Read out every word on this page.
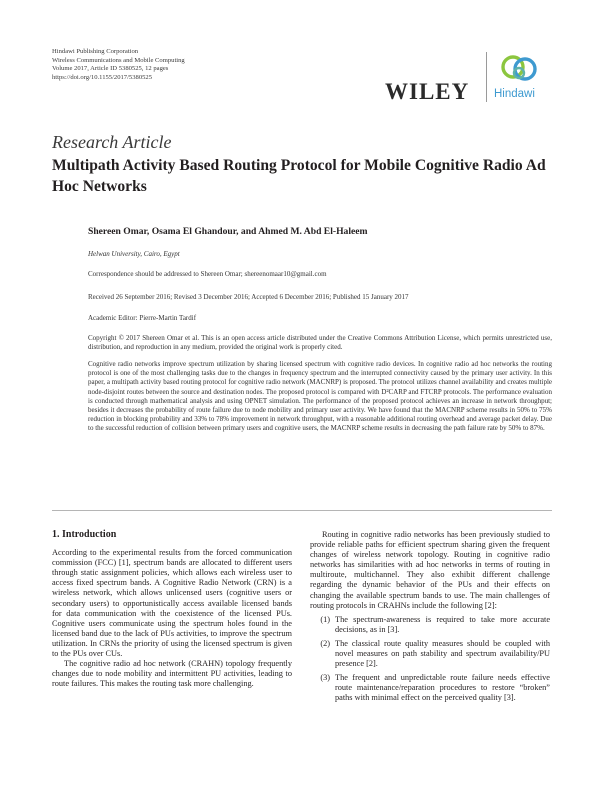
Hindawi Publishing Corporation
Wireless Communications and Mobile Computing
Volume 2017, Article ID 5380525, 12 pages
https://doi.org/10.1155/2017/5380525
WILEY Hindawi
Research Article
Multipath Activity Based Routing Protocol for Mobile Cognitive Radio Ad Hoc Networks
Shereen Omar, Osama El Ghandour, and Ahmed M. Abd El-Haleem
Helwan University, Cairo, Egypt
Correspondence should be addressed to Shereen Omar; shereenomaar10@gmail.com
Received 26 September 2016; Revised 3 December 2016; Accepted 6 December 2016; Published 15 January 2017
Academic Editor: Pierre-Martin Tardif
Copyright © 2017 Shereen Omar et al. This is an open access article distributed under the Creative Commons Attribution License, which permits unrestricted use, distribution, and reproduction in any medium, provided the original work is properly cited.
Cognitive radio networks improve spectrum utilization by sharing licensed spectrum with cognitive radio devices. In cognitive radio ad hoc networks the routing protocol is one of the most challenging tasks due to the changes in frequency spectrum and the interrupted connectivity caused by the primary user activity. In this paper, a multipath activity based routing protocol for cognitive radio network (MACNRP) is proposed. The protocol utilizes channel availability and creates multiple node-disjoint routes between the source and destination nodes. The proposed protocol is compared with D²CARP and FTCRP protocols. The performance evaluation is conducted through mathematical analysis and using OPNET simulation. The performance of the proposed protocol achieves an increase in network throughput; besides it decreases the probability of route failure due to node mobility and primary user activity. We have found that the MACNRP scheme results in 50% to 75% reduction in blocking probability and 33% to 78% improvement in network throughput, with a reasonable additional routing overhead and average packet delay. Due to the successful reduction of collision between primary users and cognitive users, the MACNRP scheme results in decreasing the path failure rate by 50% to 87%.
1. Introduction

According to the experimental results from the forced communication commission (FCC) [1], spectrum bands are allocated to different users through static assignment policies, which allows each wireless user to access fixed spectrum bands. A Cognitive Radio Network (CRN) is a wireless network, which allows unlicensed users (cognitive users or secondary users) to opportunistically access available licensed bands for data communication with the coexistence of the licensed PUs. Cognitive users communicate using the spectrum holes found in the licensed band due to the lack of PUs activities, to improve the spectrum utilization. In CRNs the priority of using the licensed spectrum is given to the PUs over CUs.

The cognitive radio ad hoc network (CRAHN) topology frequently changes due to node mobility and intermittent PU activities, leading to route failures. This makes the routing task more challenging.

Routing in cognitive radio networks has been previously studied to provide reliable paths for efficient spectrum sharing given the frequent changes of wireless network topology. Routing in cognitive radio networks has similarities with ad hoc networks in terms of routing in multiroute, multichannel. They also exhibit different challenge regarding the dynamic behavior of the PUs and their effects on changing the available spectrum bands to use. The main challenges of routing protocols in CRAHNs include the following [2]:

(1) The spectrum-awareness is required to take more accurate decisions, as in [3].
(2) The classical route quality measures should be coupled with novel measures on path stability and spectrum availability/PU presence [2].
(3) The frequent and unpredictable route failure needs effective route maintenance/reparation procedures to restore “broken” paths with minimal effect on the perceived quality [3].
